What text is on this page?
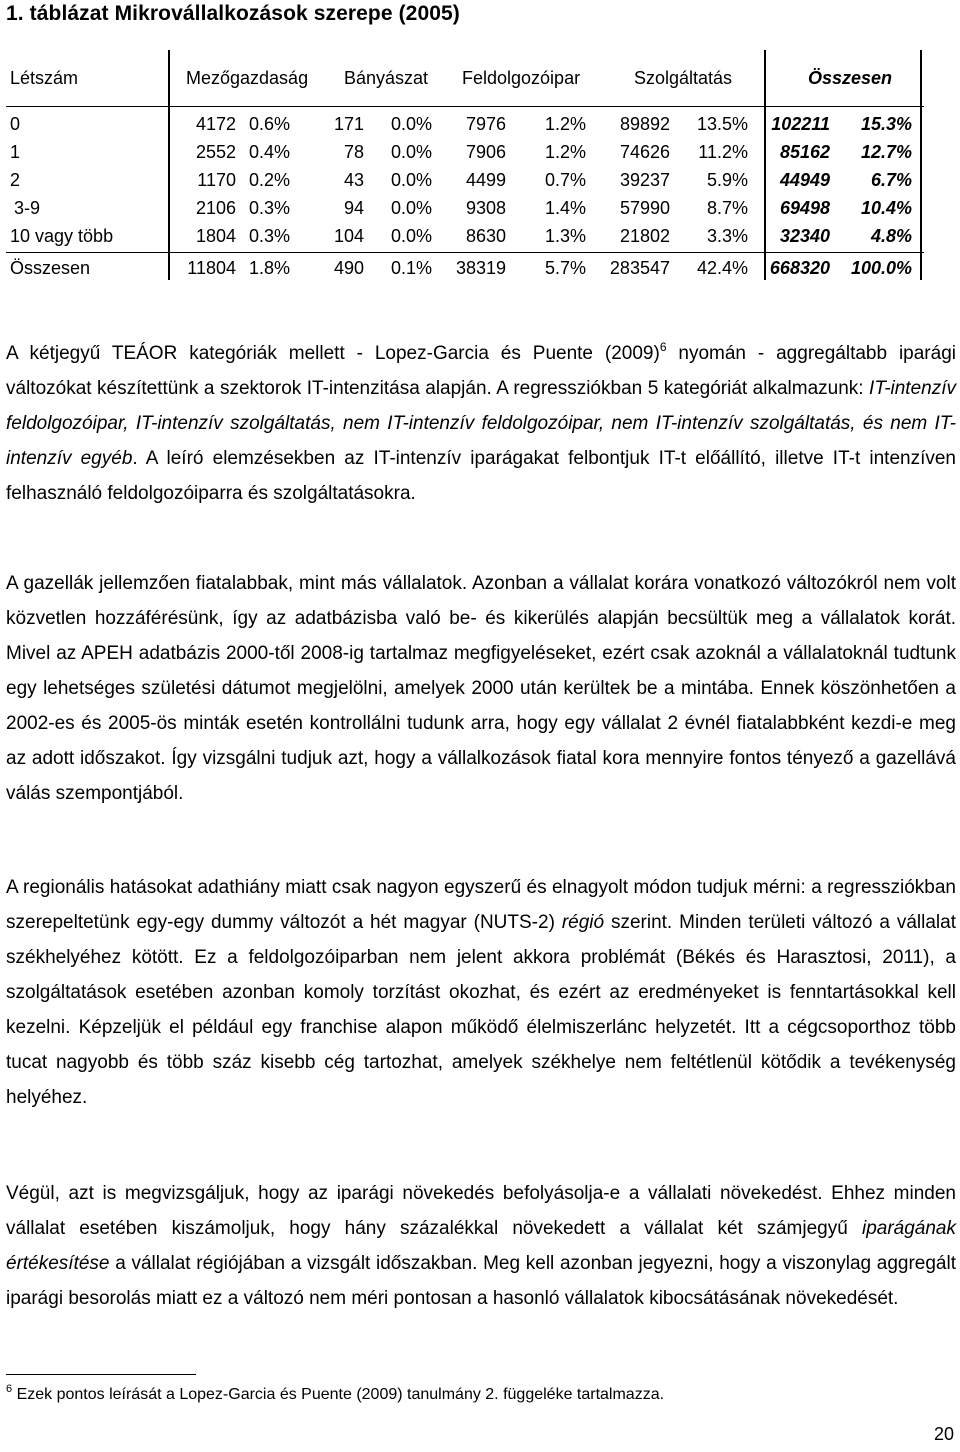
1. táblázat Mikrovállalkozások szerepe (2005)
Létszám	Mezőgazdaság Bányászat Feldolgozóipar	Szolgáltatás	Összesen
0	4172 0.6% 171 0.0% 7976 1.2% 89892 13.5% 102211 15.3%
1	2552 0.4%	78 0.0% 7906 1.2% 74626 11.2% 85162 12.7%
2	1170 0.2%	43 0.0% 4499 0.7% 39237 5.9% 44949 6.7%
3-9	2106 0.3%	94 0.0% 9308 1.4% 57990 8.7% 69498 10.4%
10 vagy több	1804 0.3% 104 0.0% 8630 1.3% 21802 3.3% 32340 4.8%
Összesen	11804 1.8% 490 0.1% 38319 5.7% 283547 42.4% 668320 100.0%
A kétjegyű TEÁOR kategóriák mellett - Lopez-Garcia és Puente $(2009)^6$ nyomán - aggregáltabb iparági változókat készítettünk a szektorok IT-intenzitása alapján. A regressziókban 5 kategóriát alkalmazunk: IT-intenzív feldolgozóipar, IT-intenzív szolgáltatás, nem IT-intenzív feldolgozóipar, nem IT-intenzív szolgáltatás, és nem IT-intenzív egyéb. A leíró elemzésekben az IT-intenzív iparágakat felbontjuk IT-t előállító, illetve IT-t intenzíven felhasználó feldolgozóiparra és szolgáltatásokra.
A gazellák jellemzően fiatalabbak, mint más vállalatok. Azonban a vállalat korára vonatkozó változókról nem volt közvetlen hozzáférésünk, így az adatbázisba való be- és kikerülés alapján becsültük meg a vállalatok korát. Mivel az APEH adatbázis 2000-től 2008-ig tartalmaz megfigyeléseket, ezért csak azoknál a vállalatoknál tudtunk egy lehetséges születési dátumot megjelölni, amelyek 2000 után kerültek be a mintába. Ennek köszönhetően a 2002-es és 2005-ös minták esetén kontrollálni tudunk arra, hogy egy vállalat 2 évnél fiatalabbként kezdi-e meg az adott időszakot. Így vizsgálni tudjuk azt, hogy a vállalkozások fiatal kora mennyire fontos tényező a gazellává válás szempontjából.
A regionális hatásokat adathiány miatt csak nagyon egyszerű és elnagyolt módon tudjuk mérni: a regressziókban szerepeltetünk egy-egy dummy változót a hét magyar (NUTS-2) régió szerint. Minden területi változó a vállalat székhelyéhez kötött. Ez a feldolgozóiparban nem jelent akkora problémát (Békés és Harasztosi, 2011), a szolgáltatások esetében azonban komoly torzítást okozhat, és ezért az eredményeket is fenntartásokkal kell kezelni. Képzeljük el például egy franchise alapon működő élelmiszerlánc helyzetét. Itt a cégcsoporthoz több tucat nagyobb és több száz kisebb cég tartozhat, amelyek székhelye nem feltétlenül kötődik a tevékenység helyéhez.
Végül, azt is megvizsgáljuk, hogy az iparági növekedés befolyásolja-e a vállalati növekedést. Ehhez minden vállalat esetében kiszámoljuk, hogy hány százalékkal növekedett a vállalat két számjegyű iparágának értékesítése a vállalat régiójában a vizsgált időszakban. Meg kell azonban jegyezni, hogy a viszonylag aggregált iparági besorolás miatt ez a változó nem méri pontosan a hasonló vállalatok kibocsátásának növekedését.
$^6$ Ezek pontos leírását a Lopez-Garcia és Puente (2009) tanulmány 2. függeléke tartalmazza.
20
